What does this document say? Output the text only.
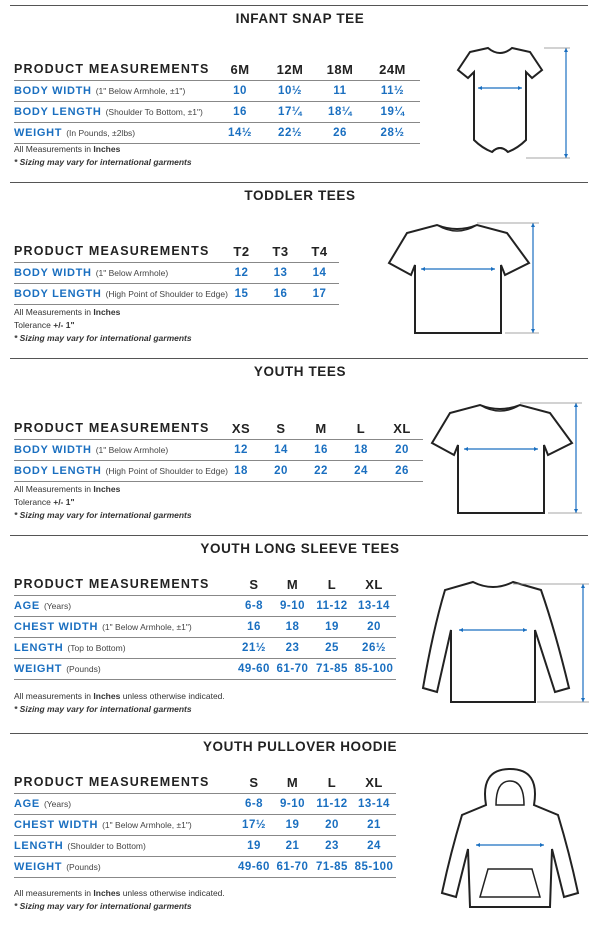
INFANT SNAP TEE
PRODUCT MEASUREMENTS	6M	12M	18M	24M
BODY WIDTH (1" Below Armhole, ±1")	10	10½	11	11½
BODY LENGTH (Shoulder To Bottom, ±1")	16	17¼	18¼	19¼
WEIGHT (In Pounds, ±2lbs)	14½	22½	26	28½
All Measurements in Inches
* Sizing may vary for international garments
TODDLER TEES
PRODUCT MEASUREMENTS	T2	T3	T4
BODY WIDTH (1" Below Armhole)	12	13	14
BODY LENGTH (High Point of Shoulder to Edge) 15	16	17
All Measurements in Inches
Tolerance +/- 1"
* Sizing may vary for international garments
YOUTH TEES
PRODUCT MEASUREMENTS	XS	S	M	L	XL
BODY WIDTH (1" Below Armhole)	12	14	16	18	20
BODY LENGTH (High Point of Shoulder to Edge) 18	20	22	24	26
All Measurements in Inches
Tolerance +/- 1"
* Sizing may vary for international garments
YOUTH LONG SLEEVE TEES
PRODUCT MEASUREMENTS	S	M	L	XL
AGE (Years)	6-8	9-10 11-12 13-14
CHEST WIDTH (1" Below Armhole, ±1")	16	18	19	20
LENGTH (Top to Bottom)	21½	23	25	26½
WEIGHT (Pounds)	49-60 61-70 71-85 85-100
All measurements in Inches unless otherwise indicated.
* Sizing may vary for international garments
YOUTH PULLOVER HOODIE
PRODUCT MEASUREMENTS	S	M	L	XL
AGE (Years)	6-8	9-10 11-12 13-14
CHEST WIDTH (1" Below Armhole, ±1")	17½	19	20	21
LENGTH (Shoulder to Bottom)	19	21	23	24
WEIGHT (Pounds)	49-60 61-70 71-85 85-100
All measurements in Inches unless otherwise indicated.
* Sizing may vary for international garments
